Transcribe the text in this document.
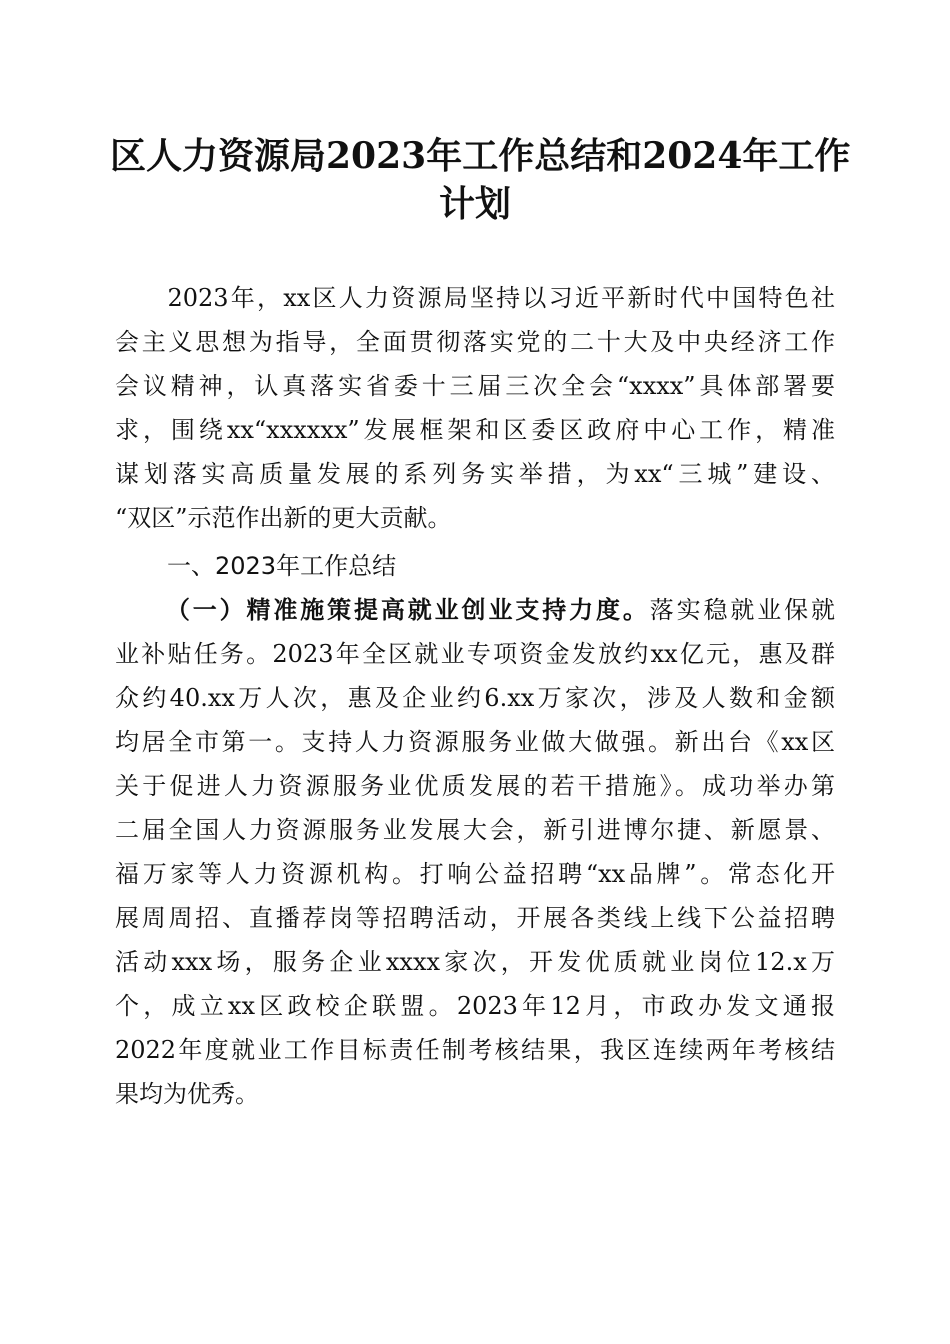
区人力资源局2023年工作总结和2024年工作
计划
　　2023年，xx区人力资源局坚持以习近平新时代中国特色社
会主义思想为指导，全面贯彻落实党的二十大及中央经济工作
会议精神，认真落实省委十三届三次全会“xxxx”具体部署要
求，围绕xx“xxxxxx”发展框架和区委区政府中心工作，精准
谋划落实高质量发展的系列务实举措，为xx“三城”建设、
“双区”示范作出新的更大贡献。
一、2023年工作总结
（一）精准施策提高就业创业支持力度。落实稳就业保就
业补贴任务。2023年全区就业专项资金发放约xx亿元，惠及群
众约40.xx万人次，惠及企业约6.xx万家次，涉及人数和金额
均居全市第一。支持人力资源服务业做大做强。新出台《xx区
关于促进人力资源服务业优质发展的若干措施》。成功举办第
二届全国人力资源服务业发展大会，新引进博尔捷、新愿景、
福万家等人力资源机构。打响公益招聘“xx品牌”。常态化开
展周周招、直播荐岗等招聘活动，开展各类线上线下公益招聘
活动xxx场，服务企业xxxx家次，开发优质就业岗位12.x万
个，成立xx区政校企联盟。2023年12月，市政办发文通报
2022年度就业工作目标责任制考核结果，我区连续两年考核结
果均为优秀。
